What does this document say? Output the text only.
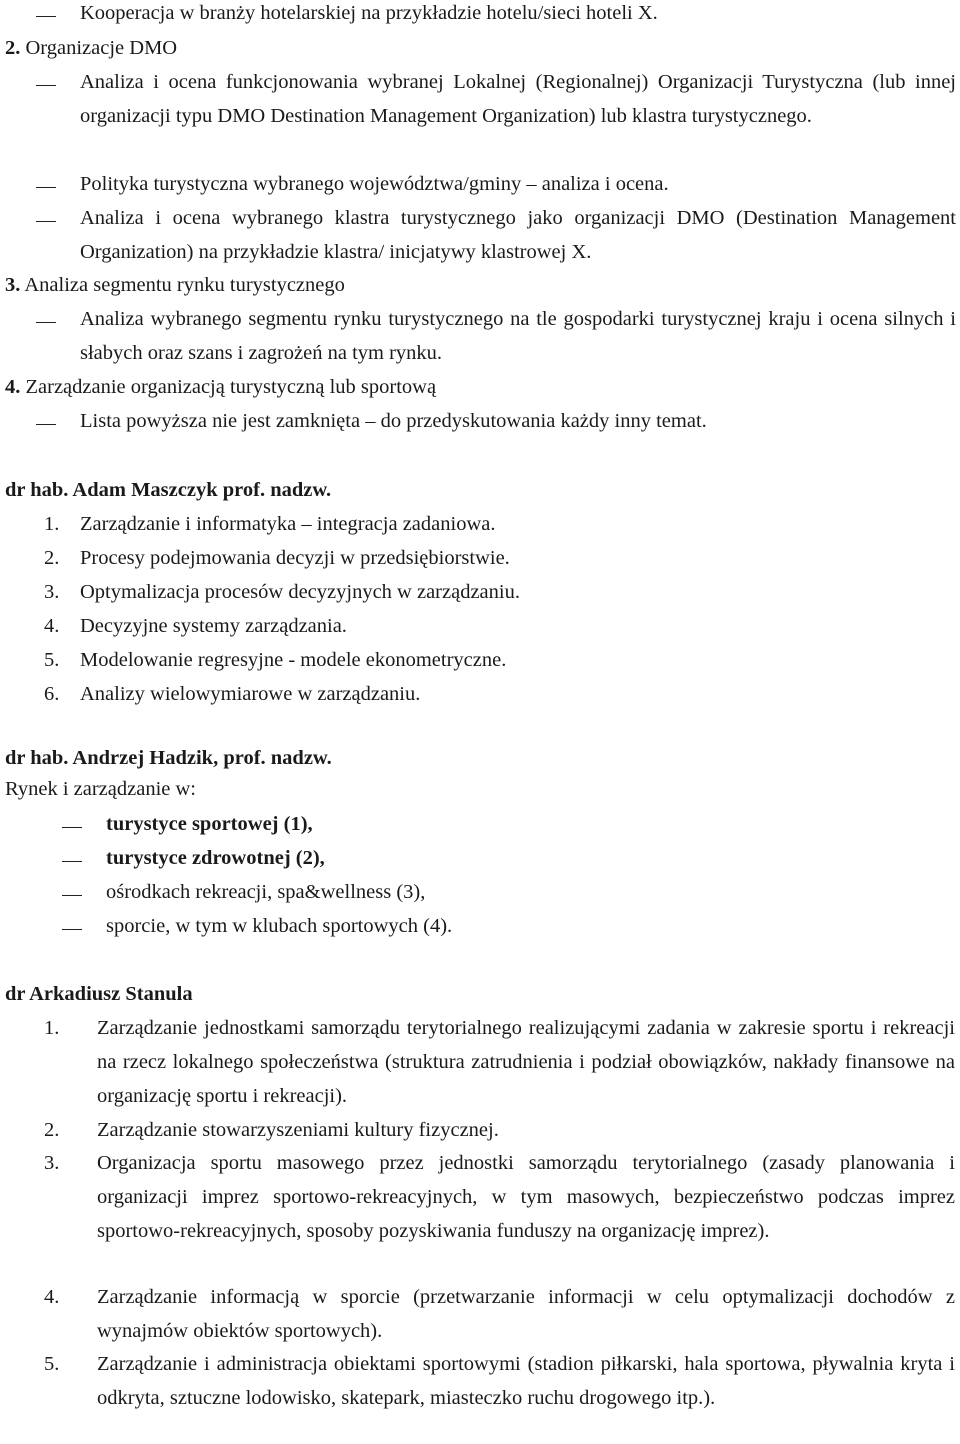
Kooperacja w branży hotelarskiej na przykładzie hotelu/sieci hoteli X.

2. Organizacje DMO

Analiza i ocena funkcjonowania wybranej Lokalnej (Regionalnej) Organizacji Turystyczna (lub innej organizacji typu DMO Destination Management Organization) lub klastra turystycznego.

Polityka turystyczna wybranego województwa/gminy – analiza i ocena.

Analiza i ocena wybranego klastra turystycznego jako organizacji DMO (Destination Management Organization) na przykładzie klastra/ inicjatywy klastrowej X.

3. Analiza segmentu rynku turystycznego

Analiza wybranego segmentu rynku turystycznego na tle gospodarki turystycznej kraju i ocena silnych i słabych oraz szans i zagrożeń na tym rynku.

4. Zarządzanie organizacją turystyczną lub sportową

Lista powyższa nie jest zamknięta – do przedyskutowania każdy inny temat.

dr hab. Adam Maszczyk prof. nadzw.

1. Zarządzanie i informatyka – integracja zadaniowa.
2. Procesy podejmowania decyzji w przedsiębiorstwie.
3. Optymalizacja procesów decyzyjnych w zarządzaniu.
4. Decyzyjne systemy zarządzania.
5. Modelowanie regresyjne - modele ekonometryczne.
6. Analizy wielowymiarowe w zarządzaniu.

dr hab. Andrzej Hadzik, prof. nadzw.

Rynek i zarządzanie w:

turystyce sportowej (1),
turystyce zdrowotnej (2),
ośrodkach rekreacji, spa&wellness (3),
sporcie, w tym w klubach sportowych (4).

dr Arkadiusz Stanula

1. Zarządzanie jednostkami samorządu terytorialnego realizującymi zadania w zakresie sportu i rekreacji na rzecz lokalnego społeczeństwa (struktura zatrudnienia i podział obowiązków, nakłady finansowe na organizację sportu i rekreacji).

2. Zarządzanie stowarzyszeniami kultury fizycznej.

3. Organizacja sportu masowego przez jednostki samorządu terytorialnego (zasady planowania i organizacji imprez sportowo-rekreacyjnych, w tym masowych, bezpieczeństwo podczas imprez sportowo-rekreacyjnych, sposoby pozyskiwania funduszy na organizację imprez).

4. Zarządzanie informacją w sporcie (przetwarzanie informacji w celu optymalizacji dochodów z wynajmów obiektów sportowych).

5. Zarządzanie i administracja obiektami sportowymi (stadion piłkarski, hala sportowa, pływalnia kryta i odkryta, sztuczne lodowisko, skatepark, miasteczko ruchu drogowego itp.).
